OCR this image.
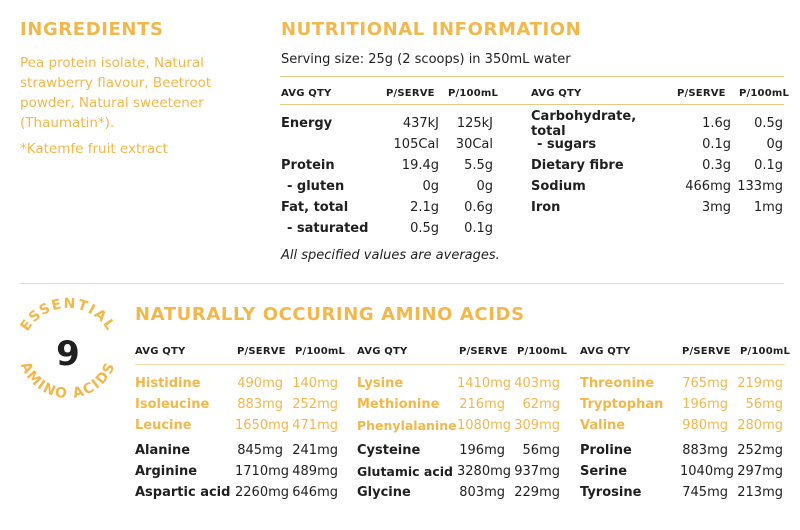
INGREDIENTS
Pea protein isolate, Natural
strawberry flavour, Beetroot
powder, Natural sweetener
(Thaumatin*).
*Katemfe fruit extract
NUTRITIONAL INFORMATION
Serving size: 25g (2 scoops) in 350mL water
AVG QTY	P/SERVE P/100mL	AVG QTY	P/SERVE P/100mL
Energy	437kJ	125kJ
105Cal	30Cal
Protein	19.4g	5.5g
- gluten	0g	0g
Fat, total	2.1g	0.6g
- saturated	0.5g	0.1g
Carbohydrate, total	1.6g	0.5g
- sugars	0.1g	0g
Dietary fibre	0.3g	0.1g
Sodium	466mg 133mg
Iron	3mg	1mg
All specified values are averages.
ESSENTIAL
AMINO ACIDS
9
NATURALLY OCCURING AMINO ACIDS
AVG QTY	P/SERVE P/100mL AVG QTY	P/SERVE P/100mL AVG QTY	P/SERVE P/100mL
Histidine	490mg 140mg
Isoleucine	883mg 252mg
Leucine	1650mg 471mg
Alanine	845mg 241mg
Arginine	1710mg 489mg
Aspartic acid 2260mg 646mg
Lysine	1410mg 403mg
Methionine	216mg	62mg
Phenylalanine 1080mg 309mg
Cysteine	196mg	56mg
Glutamic acid 3280mg 937mg
Glycine	803mg 229mg
Threonine	765mg 219mg
Tryptophan	196mg	56mg
Valine	980mg 280mg
Proline	883mg 252mg
Serine	1040mg 297mg
Tyrosine	745mg 213mg
